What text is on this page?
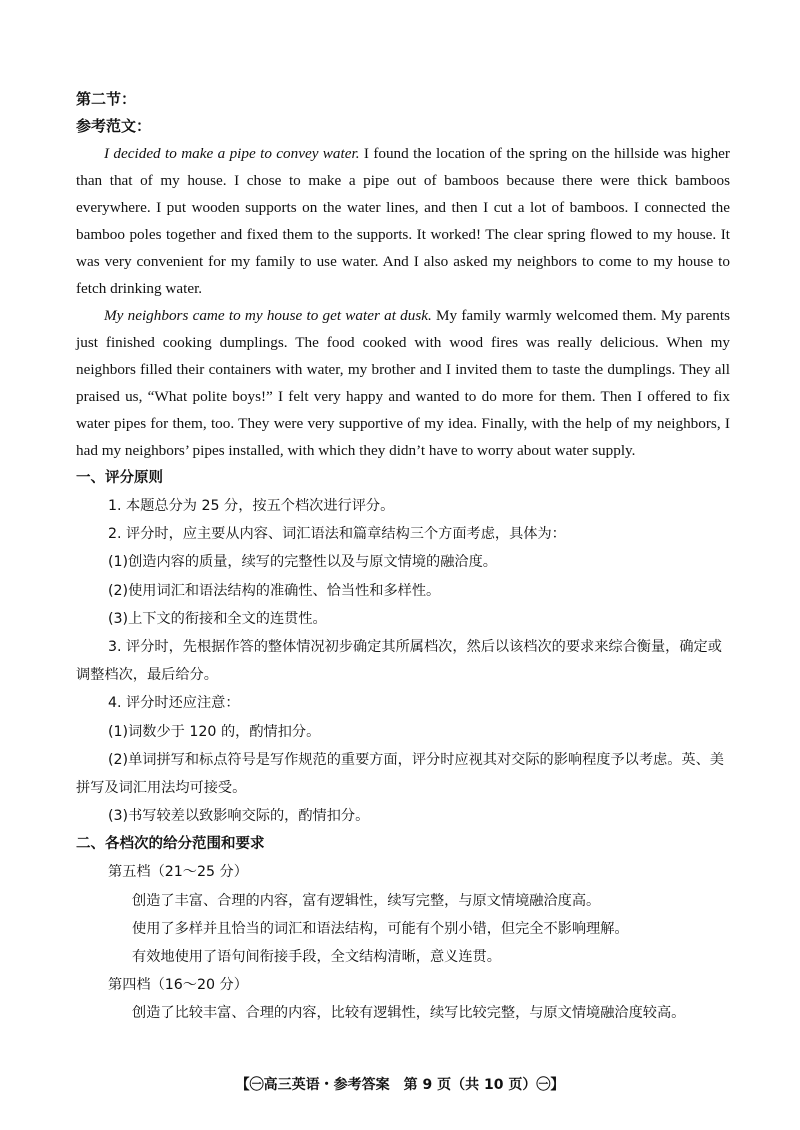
第二节：

参考范文：

I decided to make a pipe to convey water. I found the location of the spring on the hillside was higher than that of my house. I chose to make a pipe out of bamboos because there were thick bamboos everywhere. I put wooden supports on the water lines, and then I cut a lot of bamboos. I connected the bamboo poles together and fixed them to the supports. It worked! The clear spring flowed to my house. It was very convenient for my family to use water. And I also asked my neighbors to come to my house to fetch drinking water.

My neighbors came to my house to get water at dusk. My family warmly welcomed them. My parents just finished cooking dumplings. The food cooked with wood fires was really delicious. When my neighbors filled their containers with water, my brother and I invited them to taste the dumplings. They all praised us, “What polite boys!” I felt very happy and wanted to do more for them. Then I offered to fix water pipes for them, too. They were very supportive of my idea. Finally, with the help of my neighbors, I had my neighbors’ pipes installed, with which they didn’t have to worry about water supply.

一、评分原则

1. 本题总分为 25 分，按五个档次进行评分。

2. 评分时，应主要从内容、词汇语法和篇章结构三个方面考虑，具体为：

(1)创造内容的质量，续写的完整性以及与原文情境的融洽度。

(2)使用词汇和语法结构的准确性、恰当性和多样性。

(3)上下文的衔接和全文的连贯性。

3. 评分时，先根据作答的整体情况初步确定其所属档次，然后以该档次的要求来综合衡量，确定或调整档次，最后给分。

4. 评分时还应注意：

(1)词数少于 120 的，酌情扣分。

(2)单词拼写和标点符号是写作规范的重要方面，评分时应视其对交际的影响程度予以考虑。英、美拼写及词汇用法均可接受。

(3)书写较差以致影响交际的，酌情扣分。

二、各档次的给分范围和要求

第五档（21～25 分）

创造了丰富、合理的内容，富有逻辑性，续写完整，与原文情境融洽度高。

使用了多样并且恰当的词汇和语法结构，可能有个别小错，但完全不影响理解。

有效地使用了语句间衔接手段，全文结构清晰，意义连贯。

第四档（16～20 分）

创造了比较丰富、合理的内容，比较有逻辑性，续写比较完整，与原文情境融洽度较高。

【㊀高三英语・参考答案　第 9 页（共 10 页）㊀】
